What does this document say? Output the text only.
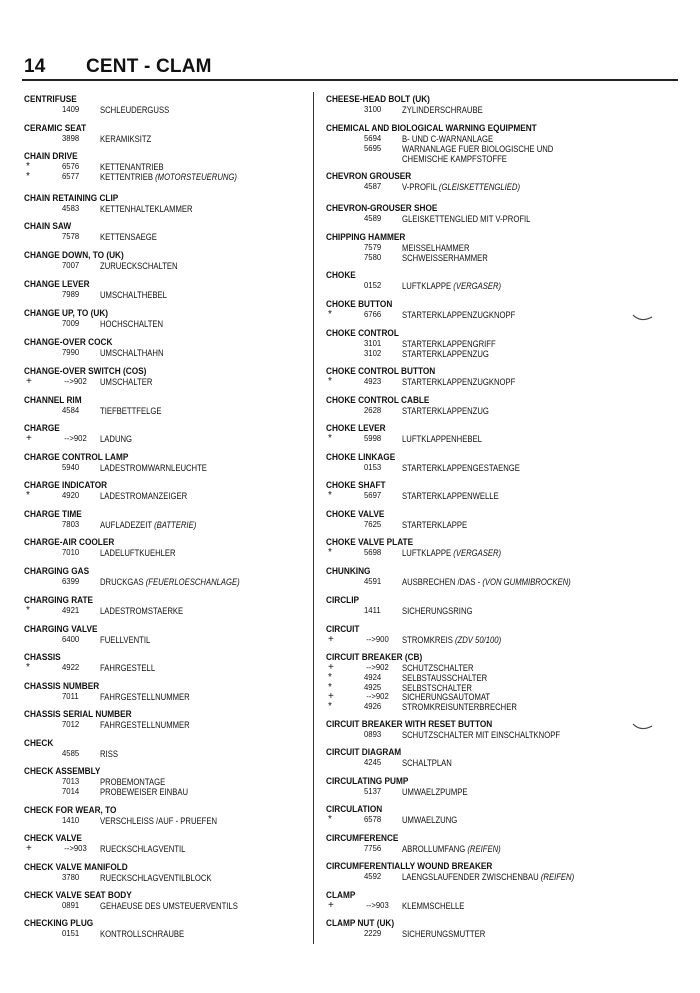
14 CENT - CLAM
CENTRIFUSE
1409	SCHLEUDERGUSS
CERAMIC SEAT
3898	KERAMIKSITZ
CHAIN DRIVE
*	6576	KETTENANTRIEB
*	6577	KETTENTRIEB (MOTORSTEUERUNG)
CHAIN RETAINING CLIP
4583	KETTENHALTEKLAMMER
CHAIN SAW
7578	KETTENSAEGE
CHANGE DOWN, TO (UK)
7007	ZURUECKSCHALTEN
CHANGE LEVER
7989	UMSCHALTHEBEL
CHANGE UP, TO (UK)
7009	HOCHSCHALTEN
CHANGE-OVER COCK
7990	UMSCHALTHAHN
CHANGE-OVER SWITCH (COS)
+	-->902 UMSCHALTER
CHANNEL RIM
4584	TIEFBETTFELGE
CHARGE
+	-->902 LADUNG
CHARGE CONTROL LAMP
5940	LADESTROMWARNLEUCHTE
CHARGE INDICATOR
*	4920	LADESTROMANZEIGER
CHARGE TIME
7803	AUFLADEZEIT (BATTERIE)
CHARGE-AIR COOLER
7010	LADELUFTKUEHLER
CHARGING GAS
6399	DRUCKGAS (FEUERLOESCHANLAGE)
CHARGING RATE
*	4921	LADESTROMSTAERKE
CHARGING VALVE
6400	FUELLVENTIL
CHASSIS
*	4922	FAHRGESTELL
CHASSIS NUMBER
7011	FAHRGESTELLNUMMER
CHASSIS SERIAL NUMBER
7012	FAHRGESTELLNUMMER
CHECK
4585	RISS
CHECK ASSEMBLY
7013	PROBEMONTAGE
7014	PROBEWEISER EINBAU
CHECK FOR WEAR, TO
1410	VERSCHLEISS /AUF - PRUEFEN
CHECK VALVE
+	-->903 RUECKSCHLAGVENTIL
CHECK VALVE MANIFOLD
3780	RUECKSCHLAGVENTILBLOCK
CHECK VALVE SEAT BODY
0891	GEHAEUSE DES UMSTEUERVENTILS
CHECKING PLUG
0151	KONTROLLSCHRAUBE
CHEESE-HEAD BOLT (UK)
3100	ZYLINDERSCHRAUBE
CHEMICAL AND BIOLOGICAL WARNING EQUIPMENT
5694	B- UND C-WARNANLAGE
5695	WARNANLAGE FUER BIOLOGISCHE UND
CHEMISCHE KAMPFSTOFFE
CHEVRON GROUSER
4587	V-PROFIL (GLEISKETTENGLIED)
CHEVRON-GROUSER SHOE
4589	GLEISKETTENGLIED MIT V-PROFIL
CHIPPING HAMMER
7579	MEISSELHAMMER
7580	SCHWEISSERHAMMER
CHOKE
0152	LUFTKLAPPE (VERGASER)
CHOKE BUTTON
*	6766	STARTERKLAPPENZUGKNOPF
CHOKE CONTROL
3101	STARTERKLAPPENGRIFF
3102	STARTERKLAPPENZUG
CHOKE CONTROL BUTTON
*	4923	STARTERKLAPPENZUGKNOPF
CHOKE CONTROL CABLE
2628	STARTERKLAPPENZUG
CHOKE LEVER
*	5998	LUFTKLAPPENHEBEL
CHOKE LINKAGE
0153	STARTERKLAPPENGESTAENGE
CHOKE SHAFT
*	5697	STARTERKLAPPENWELLE
CHOKE VALVE
7625	STARTERKLAPPE
CHOKE VALVE PLATE
*	5698	LUFTKLAPPE (VERGASER)
CHUNKING
4591	AUSBRECHEN /DAS - (VON GUMMIBROCKEN)
CIRCLIP
1411	SICHERUNGSRING
CIRCUIT
+	-->900 STROMKREIS (ZDV 50/100)
CIRCUIT BREAKER (CB)
+	-->902 SCHUTZSCHALTER
*	4924	SELBSTAUSSCHALTER
*	4925	SELBSTSCHALTER
+	-->902 SICHERUNGSAUTOMAT
*	4926	STROMKREISUNTERBRECHER
CIRCUIT BREAKER WITH RESET BUTTON
0893	SCHUTZSCHALTER MIT EINSCHALTKNOPF
CIRCUIT DIAGRAM
4245	SCHALTPLAN
CIRCULATING PUMP
5137	UMWAELZPUMPE
CIRCULATION
*	6578	UMWAELZUNG
CIRCUMFERENCE
7756	ABROLLUMFANG (REIFEN)
CIRCUMFERENTIALLY WOUND BREAKER
4592	LAENGSLAUFENDER ZWISCHENBAU (REIFEN)
CLAMP
+	-->903 KLEMMSCHELLE
CLAMP NUT (UK)
2229	SICHERUNGSMUTTER
